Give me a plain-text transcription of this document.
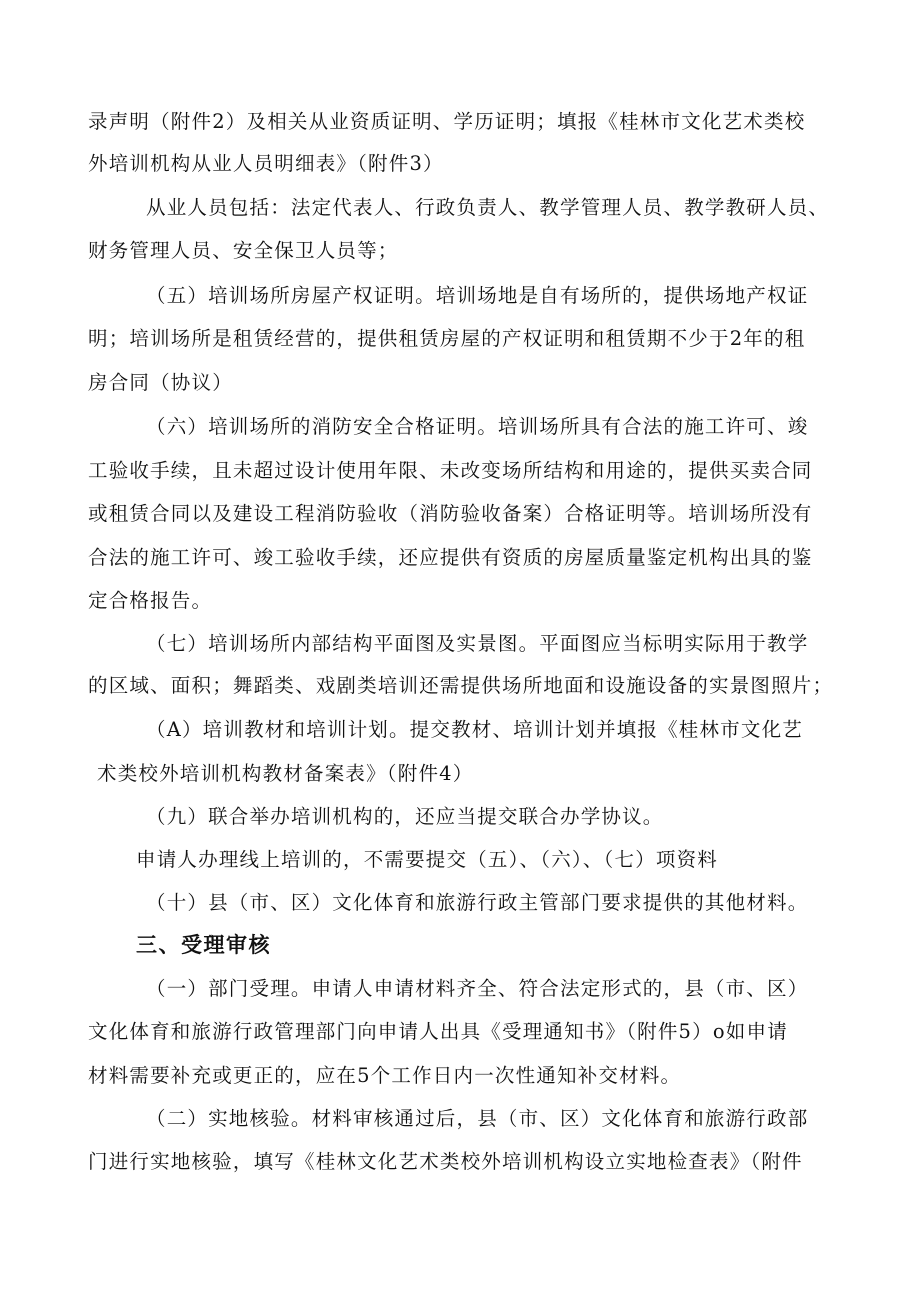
录声明（附件2）及相关从业资质证明、学历证明；填报《桂林市文化艺术类校
外培训机构从业人员明细表》（附件3）
从业人员包括：法定代表人、行政负责人、教学管理人员、教学教研人员、
财务管理人员、安全保卫人员等；
（五）培训场所房屋产权证明。培训场地是自有场所的，提供场地产权证
明；培训场所是租赁经营的，提供租赁房屋的产权证明和租赁期不少于2年的租
房合同（协议）
（六）培训场所的消防安全合格证明。培训场所具有合法的施工许可、竣
工验收手续，且未超过设计使用年限、未改变场所结构和用途的，提供买卖合同
或租赁合同以及建设工程消防验收（消防验收备案）合格证明等。培训场所没有
合法的施工许可、竣工验收手续，还应提供有资质的房屋质量鉴定机构出具的鉴
定合格报告。
（七）培训场所内部结构平面图及实景图。平面图应当标明实际用于教学
的区域、面积；舞蹈类、戏剧类培训还需提供场所地面和设施设备的实景图照片；
（A）培训教材和培训计划。提交教材、培训计划并填报《桂林市文化艺
术类校外培训机构教材备案表》（附件4）
（九）联合举办培训机构的，还应当提交联合办学协议。
申请人办理线上培训的，不需要提交（五）、（六）、（七）项资料
（十）县（市、区）文化体育和旅游行政主管部门要求提供的其他材料。
三、受理审核
（一）部门受理。申请人申请材料齐全、符合法定形式的，县（市、区）
文化体育和旅游行政管理部门向申请人出具《受理通知书》（附件5）o如申请
材料需要补充或更正的，应在5个工作日内一次性通知补交材料。
（二）实地核验。材料审核通过后，县（市、区）文化体育和旅游行政部
门进行实地核验，填写《桂林文化艺术类校外培训机构设立实地检查表》（附件
